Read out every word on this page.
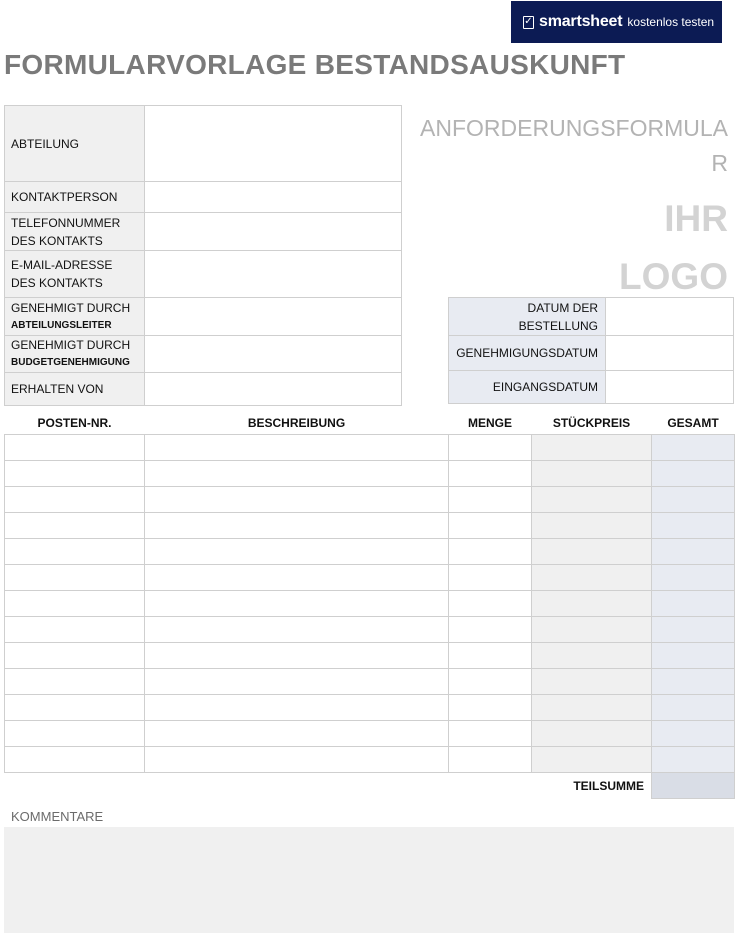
✓ smartsheet kostenlos testen
FORMULARVORLAGE BESTANDSAUSKUNFT
ABTEILUNG	
KONTAKTPERSON	
TELEFONNUMMER DES KONTAKTS	
E-MAIL-ADRESSE DES KONTAKTS	

GENEHMIGT DURCH
ABTEILUNGSLEITER	

GENEHMIGT DURCH
BUDGETGENEHMIGUNG	

ERHALTEN VON	
ANFORDERUNGSFORMULAR
IHR LOGO
DATUM DER BESTELLUNG	
GENEHMIGUNGSDATUM	
EINGANGSDATUM	
POSTEN-NR.	BESCHREIBUNG	MENGE	STÜCKPREIS	GESAMT

			TEILSUMME	
KOMMENTARE
